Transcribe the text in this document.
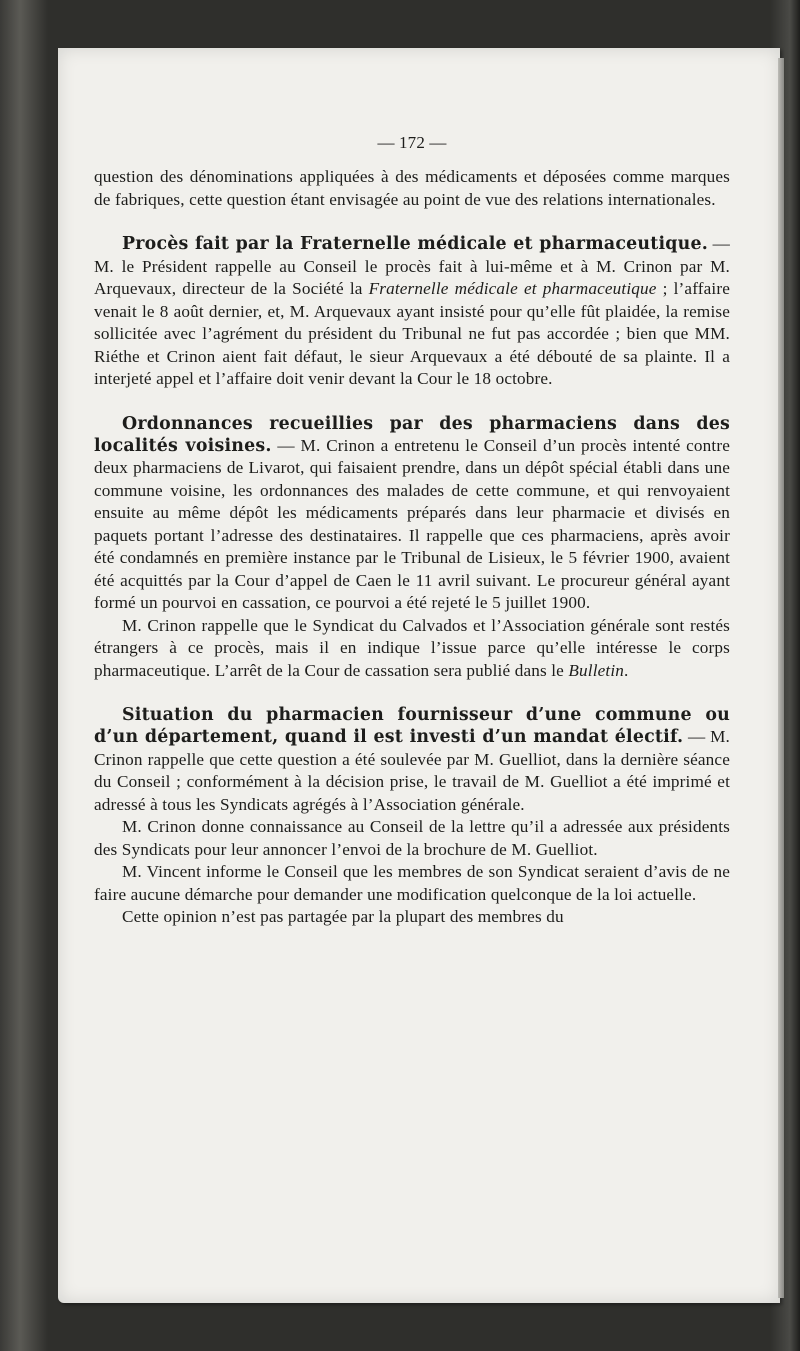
— 172 —

question des dénominations appliquées à des médicaments et déposées comme marques de fabriques, cette question étant envisagée au point de vue des relations internationales.

Procès fait par la Fraternelle médicale et pharmaceutique. — M. le Président rappelle au Conseil le procès fait à lui-même et à M. Crinon par M. Arquevaux, directeur de la Société la Fraternelle médicale et pharmaceutique ; l’affaire venait le 8 août dernier, et, M. Arquevaux ayant insisté pour qu’elle fût plaidée, la remise sollicitée avec l’agrément du président du Tribunal ne fut pas accordée ; bien que MM. Riéthe et Crinon aient fait défaut, le sieur Arquevaux a été débouté de sa plainte. Il a interjeté appel et l’affaire doit venir devant la Cour le 18 octobre.

Ordonnances recueillies par des pharmaciens dans des localités voisines. — M. Crinon a entretenu le Conseil d’un procès intenté contre deux pharmaciens de Livarot, qui faisaient prendre, dans un dépôt spécial établi dans une commune voisine, les ordonnances des malades de cette commune, et qui renvoyaient ensuite au même dépôt les médicaments préparés dans leur pharmacie et divisés en paquets portant l’adresse des destinataires. Il rappelle que ces pharmaciens, après avoir été condamnés en première instance par le Tribunal de Lisieux, le 5 février 1900, avaient été acquittés par la Cour d’appel de Caen le 11 avril suivant. Le procureur général ayant formé un pourvoi en cassation, ce pourvoi a été rejeté le 5 juillet 1900.

M. Crinon rappelle que le Syndicat du Calvados et l’Association générale sont restés étrangers à ce procès, mais il en indique l’issue parce qu’elle intéresse le corps pharmaceutique. L’arrêt de la Cour de cassation sera publié dans le Bulletin.

Situation du pharmacien fournisseur d’une commune ou d’un département, quand il est investi d’un mandat électif. — M. Crinon rappelle que cette question a été soulevée par M. Guelliot, dans la dernière séance du Conseil ; conformément à la décision prise, le travail de M. Guelliot a été imprimé et adressé à tous les Syndicats agrégés à l’Association générale.

M. Crinon donne connaissance au Conseil de la lettre qu’il a adressée aux présidents des Syndicats pour leur annoncer l’envoi de la brochure de M. Guelliot.

M. Vincent informe le Conseil que les membres de son Syndicat seraient d’avis de ne faire aucune démarche pour demander une modification quelconque de la loi actuelle.

Cette opinion n’est pas partagée par la plupart des membres du
